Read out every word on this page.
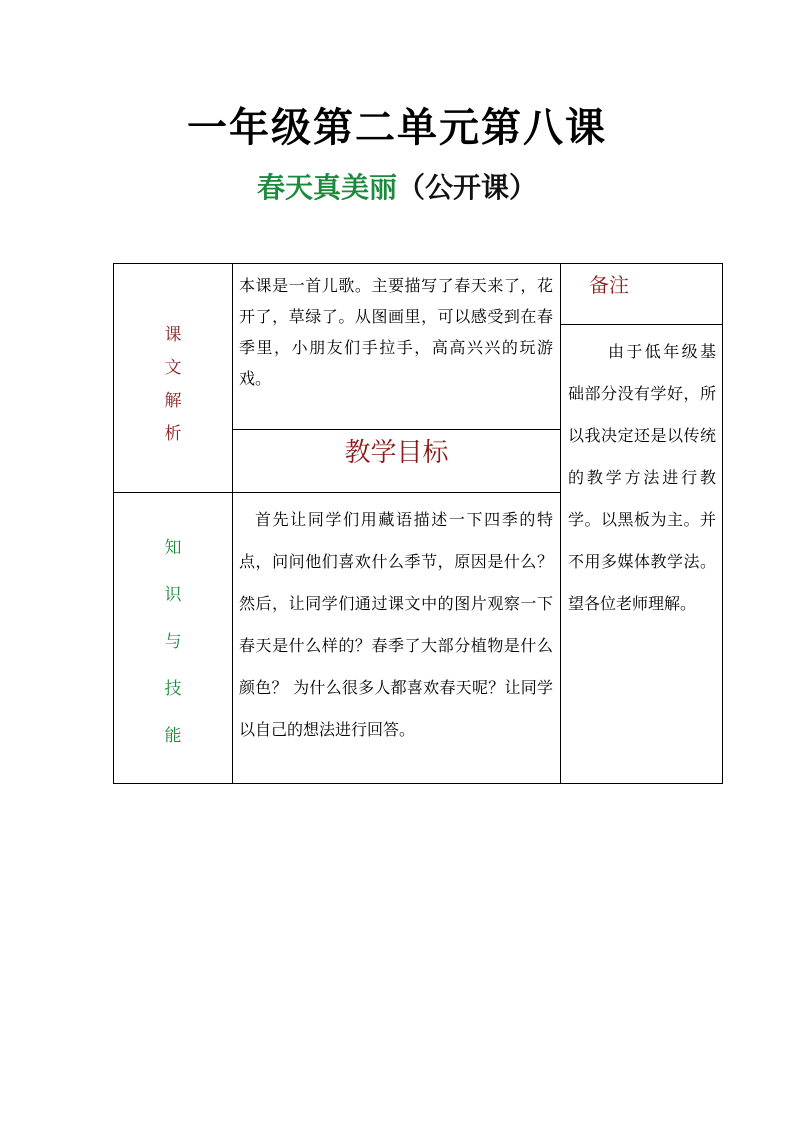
一年级第二单元第八课
春天真美丽（公开课）
课
文
解
析
本课是一首儿歌。主要描写了春天来了，花开了，草绿了。从图画里，可以感受到在春季里，小朋友们手拉手，高高兴兴的玩游戏。
教学目标
知
识
与
技
能
首先让同学们用藏语描述一下四季的特点，问问他们喜欢什么季节，原因是什么？然后，让同学们通过课文中的图片观察一下春天是什么样的？春季了大部分植物是什么颜色？ 为什么很多人都喜欢春天呢？让同学以自己的想法进行回答。
备注
由于低年级基础部分没有学好，所以我决定还是以传统的教学方法进行教学。以黑板为主。并不用多媒体教学法。望各位老师理解。
